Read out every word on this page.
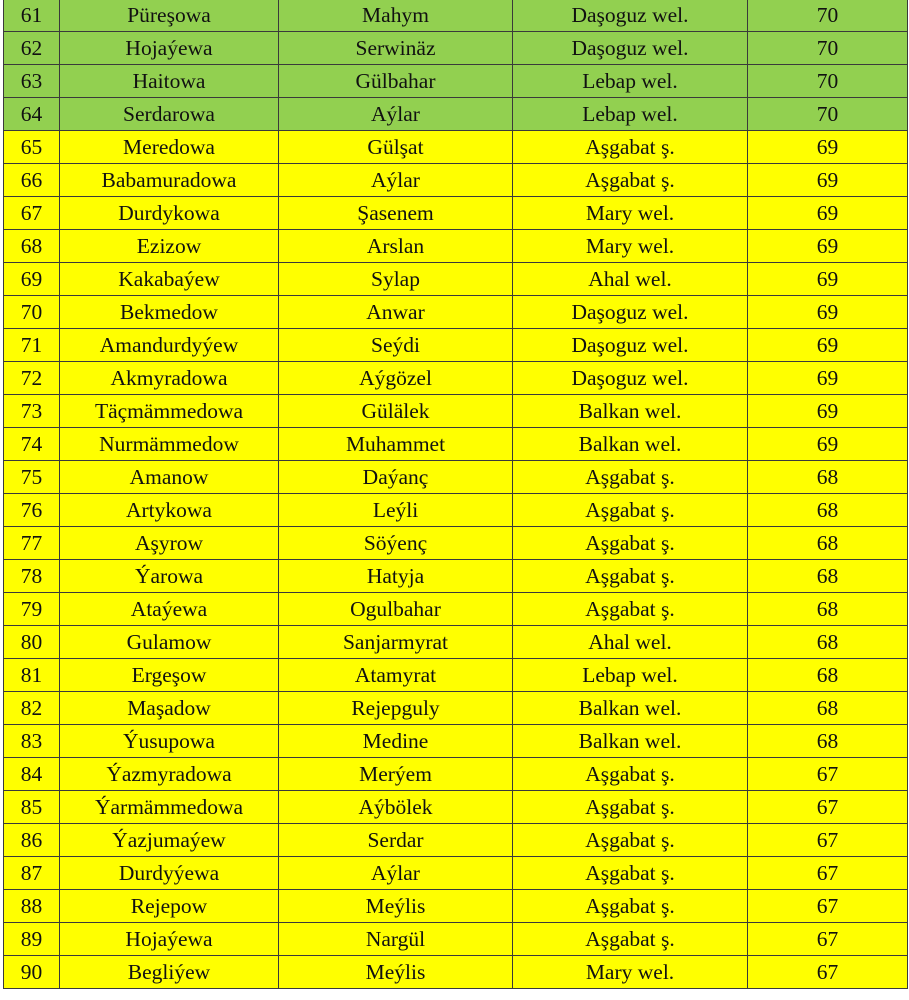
61	Püreşowa	Mahym	Daşoguz wel.	70
62	Hojaýewa	Serwinäz	Daşoguz wel.	70
63	Haitowa	Gülbahar	Lebap wel.	70
64	Serdarowa	Aýlar	Lebap wel.	70
65	Meredowa	Gülşat	Aşgabat ş.	69
66	Babamuradowa	Aýlar	Aşgabat ş.	69
67	Durdykowa	Şasenem	Mary wel.	69
68	Ezizow	Arslan	Mary wel.	69
69	Kakabaýew	Sylap	Ahal wel.	69
70	Bekmedow	Anwar	Daşoguz wel.	69
71	Amandurdyýew	Seýdi	Daşoguz wel.	69
72	Akmyradowa	Aýgözel	Daşoguz wel.	69
73	Täçmämmedowa	Gülälek	Balkan wel.	69
74	Nurmämmedow	Muhammet	Balkan wel.	69
75	Amanow	Daýanç	Aşgabat ş.	68
76	Artykowa	Leýli	Aşgabat ş.	68
77	Aşyrow	Söýenç	Aşgabat ş.	68
78	Ýarowa	Hatyja	Aşgabat ş.	68
79	Ataýewa	Ogulbahar	Aşgabat ş.	68
80	Gulamow	Sanjarmyrat	Ahal wel.	68
81	Ergeşow	Atamyrat	Lebap wel.	68
82	Maşadow	Rejepguly	Balkan wel.	68
83	Ýusupowa	Medine	Balkan wel.	68
84	Ýazmyradowa	Merýem	Aşgabat ş.	67
85	Ýarmämmedowa	Aýbölek	Aşgabat ş.	67
86	Ýazjumaýew	Serdar	Aşgabat ş.	67
87	Durdyýewa	Aýlar	Aşgabat ş.	67
88	Rejepow	Meýlis	Aşgabat ş.	67
89	Hojaýewa	Nargül	Aşgabat ş.	67
90	Begliýew	Meýlis	Mary wel.	67
